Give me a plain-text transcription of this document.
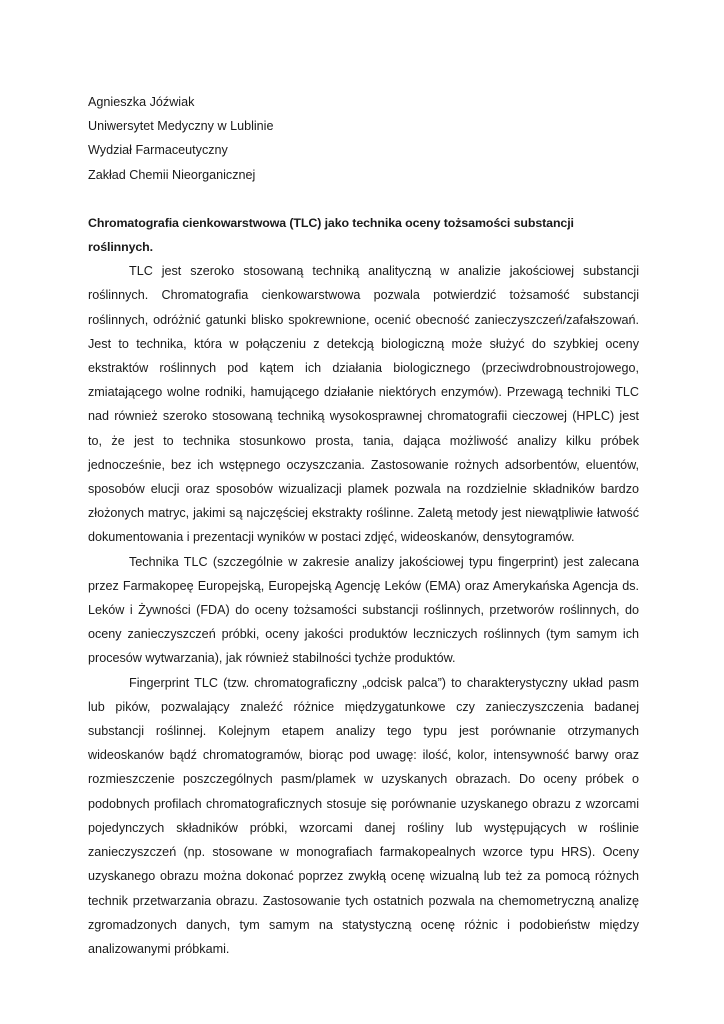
Agnieszka Jóźwiak

Uniwersytet Medyczny w Lublinie

Wydział Farmaceutyczny

Zakład Chemii Nieorganicznej

Chromatografia cienkowarstwowa (TLC) jako technika oceny tożsamości substancji roślinnych.

TLC jest szeroko stosowaną techniką analityczną w analizie jakościowej substancji roślinnych. Chromatografia cienkowarstwowa pozwala potwierdzić tożsamość substancji roślinnych, odróżnić gatunki blisko spokrewnione, ocenić obecność zanieczyszczeń/zafałszowań. Jest to technika, która w połączeniu z detekcją biologiczną może służyć do szybkiej oceny ekstraktów roślinnych pod kątem ich działania biologicznego (przeciwdrobnoustrojowego, zmiatającego wolne rodniki, hamującego działanie niektórych enzymów). Przewagą techniki TLC nad również szeroko stosowaną techniką wysokosprawnej chromatografii cieczowej (HPLC) jest to, że jest to technika stosunkowo prosta, tania, dająca możliwość analizy kilku próbek jednocześnie, bez ich wstępnego oczyszczania. Zastosowanie rożnych adsorbentów, eluentów, sposobów elucji oraz sposobów wizualizacji plamek pozwala na rozdzielnie składników bardzo złożonych matryc, jakimi są najczęściej ekstrakty roślinne. Zaletą metody jest niewątpliwie łatwość dokumentowania i prezentacji wyników w postaci zdjęć, wideoskanów, densytogramów.

Technika TLC (szczególnie w zakresie analizy jakościowej typu fingerprint) jest zalecana przez Farmakopeę Europejską, Europejską Agencję Leków (EMA) oraz Amerykańska Agencja ds. Leków i Żywności (FDA) do oceny tożsamości substancji roślinnych, przetworów roślinnych, do oceny zanieczyszczeń próbki, oceny jakości produktów leczniczych roślinnych (tym samym ich procesów wytwarzania), jak również stabilności tychże produktów.

Fingerprint TLC (tzw. chromatograficzny „odcisk palca”) to charakterystyczny układ pasm lub pików, pozwalający znaleźć różnice międzygatunkowe czy zanieczyszczenia badanej substancji roślinnej. Kolejnym etapem analizy tego typu jest porównanie otrzymanych wideoskanów bądź chromatogramów, biorąc pod uwagę: ilość, kolor, intensywność barwy oraz rozmieszczenie poszczególnych pasm/plamek w uzyskanych obrazach. Do oceny próbek o podobnych profilach chromatograficznych stosuje się porównanie uzyskanego obrazu z wzorcami pojedynczych składników próbki, wzorcami danej rośliny lub występujących w roślinie zanieczyszczeń (np. stosowane w monografiach farmakopealnych wzorce typu HRS). Oceny uzyskanego obrazu można dokonać poprzez zwykłą ocenę wizualną lub też za pomocą różnych technik przetwarzania obrazu. Zastosowanie tych ostatnich pozwala na chemometryczną analizę zgromadzonych danych, tym samym na statystyczną ocenę różnic i podobieństw między analizowanymi próbkami.
